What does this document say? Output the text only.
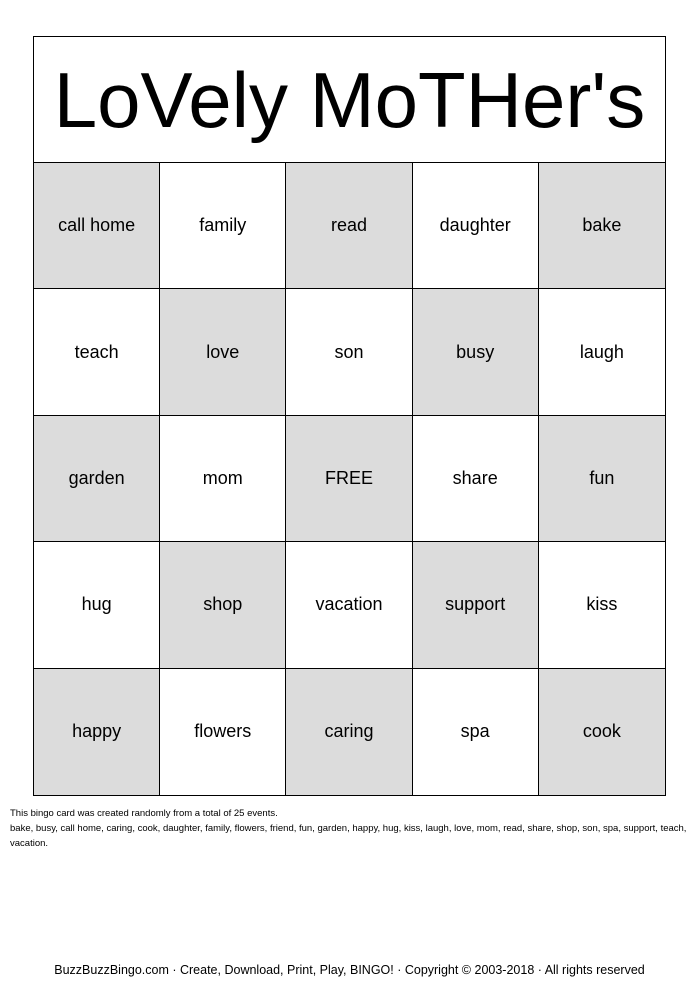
LoVely MoTHer's
call home	family	read	daughter	bake
teach	love	son	busy	laugh
garden	mom	FREE	share	fun
hug	shop	vacation	support	kiss
happy	flowers	caring	spa	cook
This bingo card was created randomly from a total of 25 events.
bake, busy, call home, caring, cook, daughter, family, flowers, friend, fun, garden, happy, hug, kiss, laugh, love, mom, read, share, shop, son, spa, support, teach, vacation.
BuzzBuzzBingo.com · Create, Download, Print, Play, BINGO! · Copyright © 2003-2018 · All rights reserved
